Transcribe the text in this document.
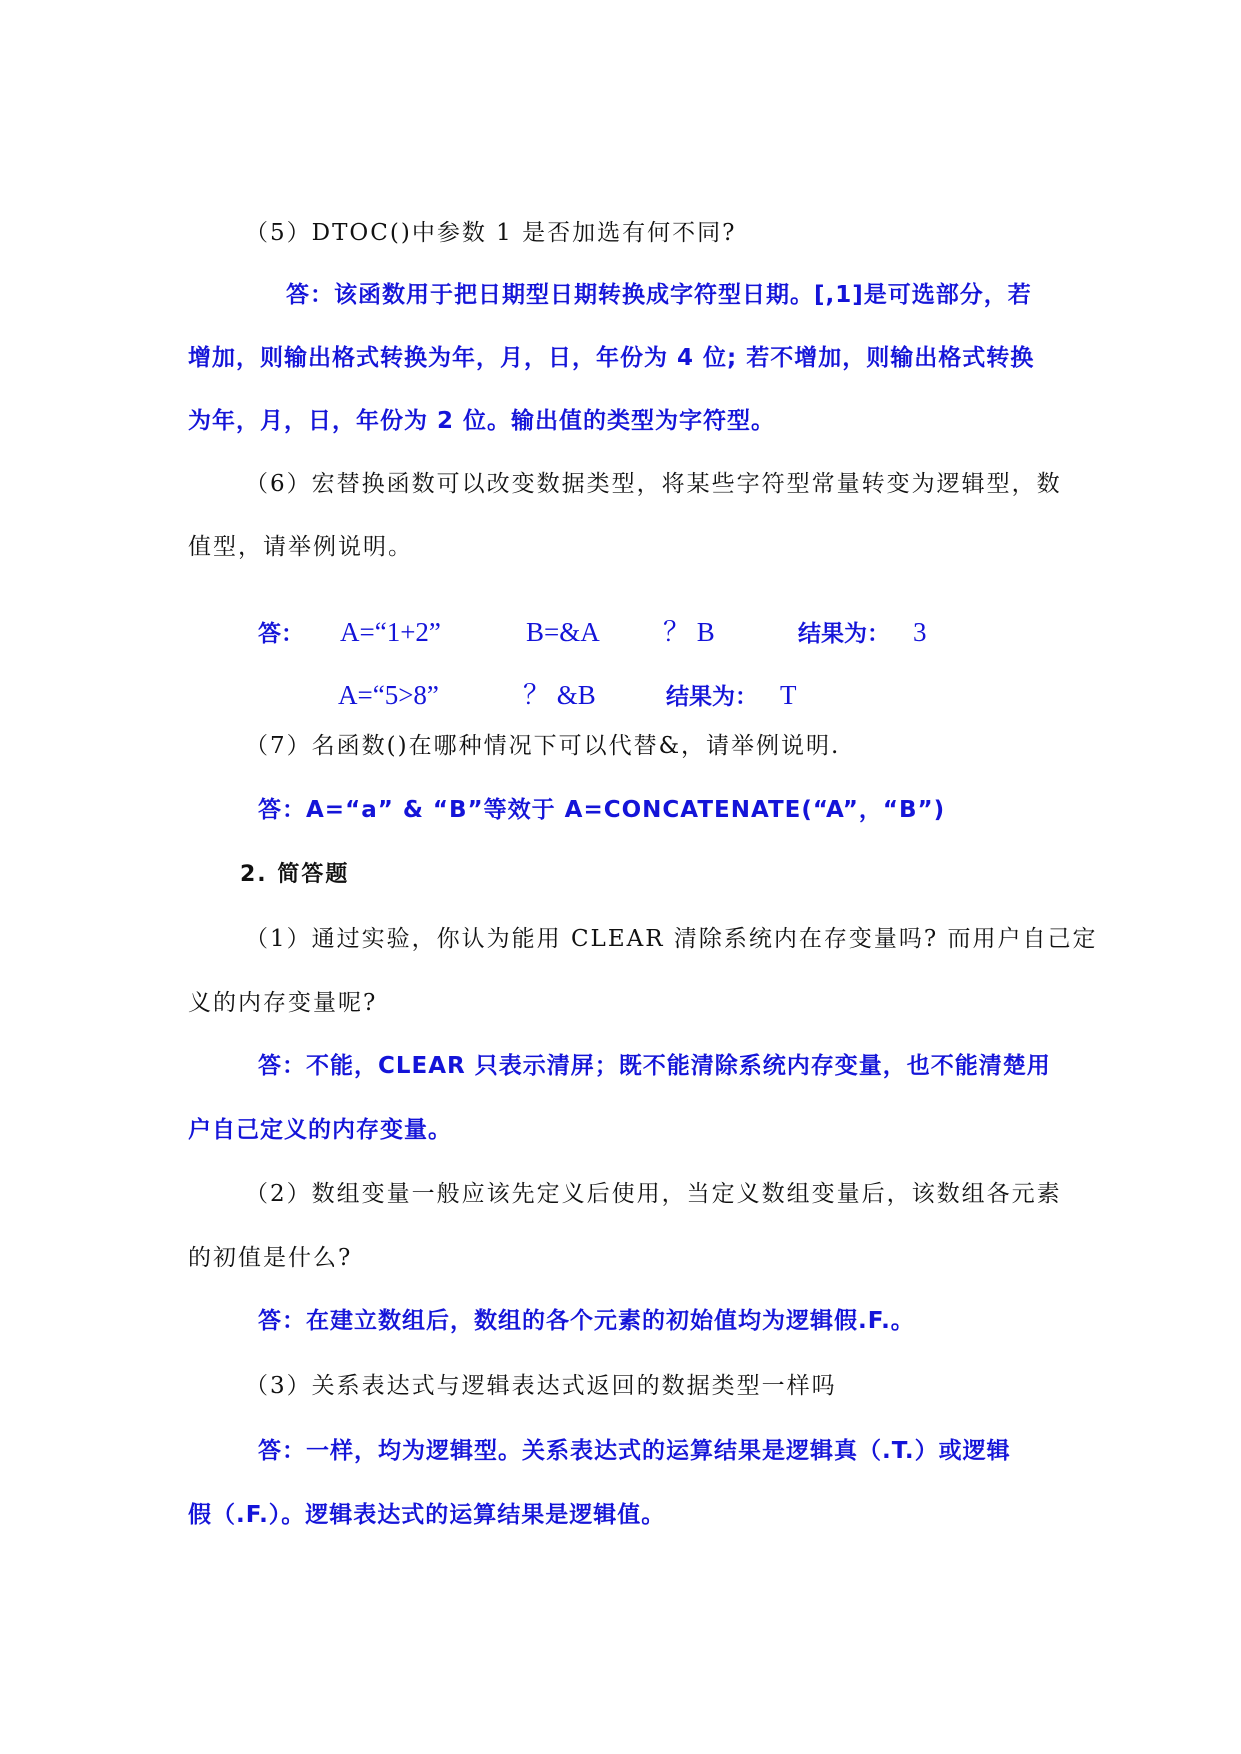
（5）DTOC()中参数 1 是否加选有何不同?
答：该函数用于把日期型日期转换成字符型日期。[,1]是可选部分，若
增加，则输出格式转换为年，月，日，年份为 4 位; 若不增加，则输出格式转换
为年，月，日，年份为 2 位。输出值的类型为字符型。
（6）宏替换函数可以改变数据类型，将某些字符型常量转变为逻辑型，数
值型，请举例说明。
答： A=“1+2”	B=&A ？ B	结果为： 3
A=“5>8”	？ &B	结果为： T
（7）名函数()在哪种情况下可以代替&，请举例说明.
答：A=“a” & “B”等效于 A=CONCATENATE(“A”，“B”)
2. 简答题
（1）通过实验，你认为能用 CLEAR 清除系统内在存变量吗? 而用户自己定
义的内存变量呢?
答：不能，CLEAR 只表示清屏；既不能清除系统内存变量，也不能清楚用
户自己定义的内存变量。
（2）数组变量一般应该先定义后使用，当定义数组变量后，该数组各元素
的初值是什么?
答：在建立数组后，数组的各个元素的初始值均为逻辑假.F.。
（3）关系表达式与逻辑表达式返回的数据类型一样吗
答：一样，均为逻辑型。关系表达式的运算结果是逻辑真（.T.）或逻辑
假（.F.）。逻辑表达式的运算结果是逻辑值。
